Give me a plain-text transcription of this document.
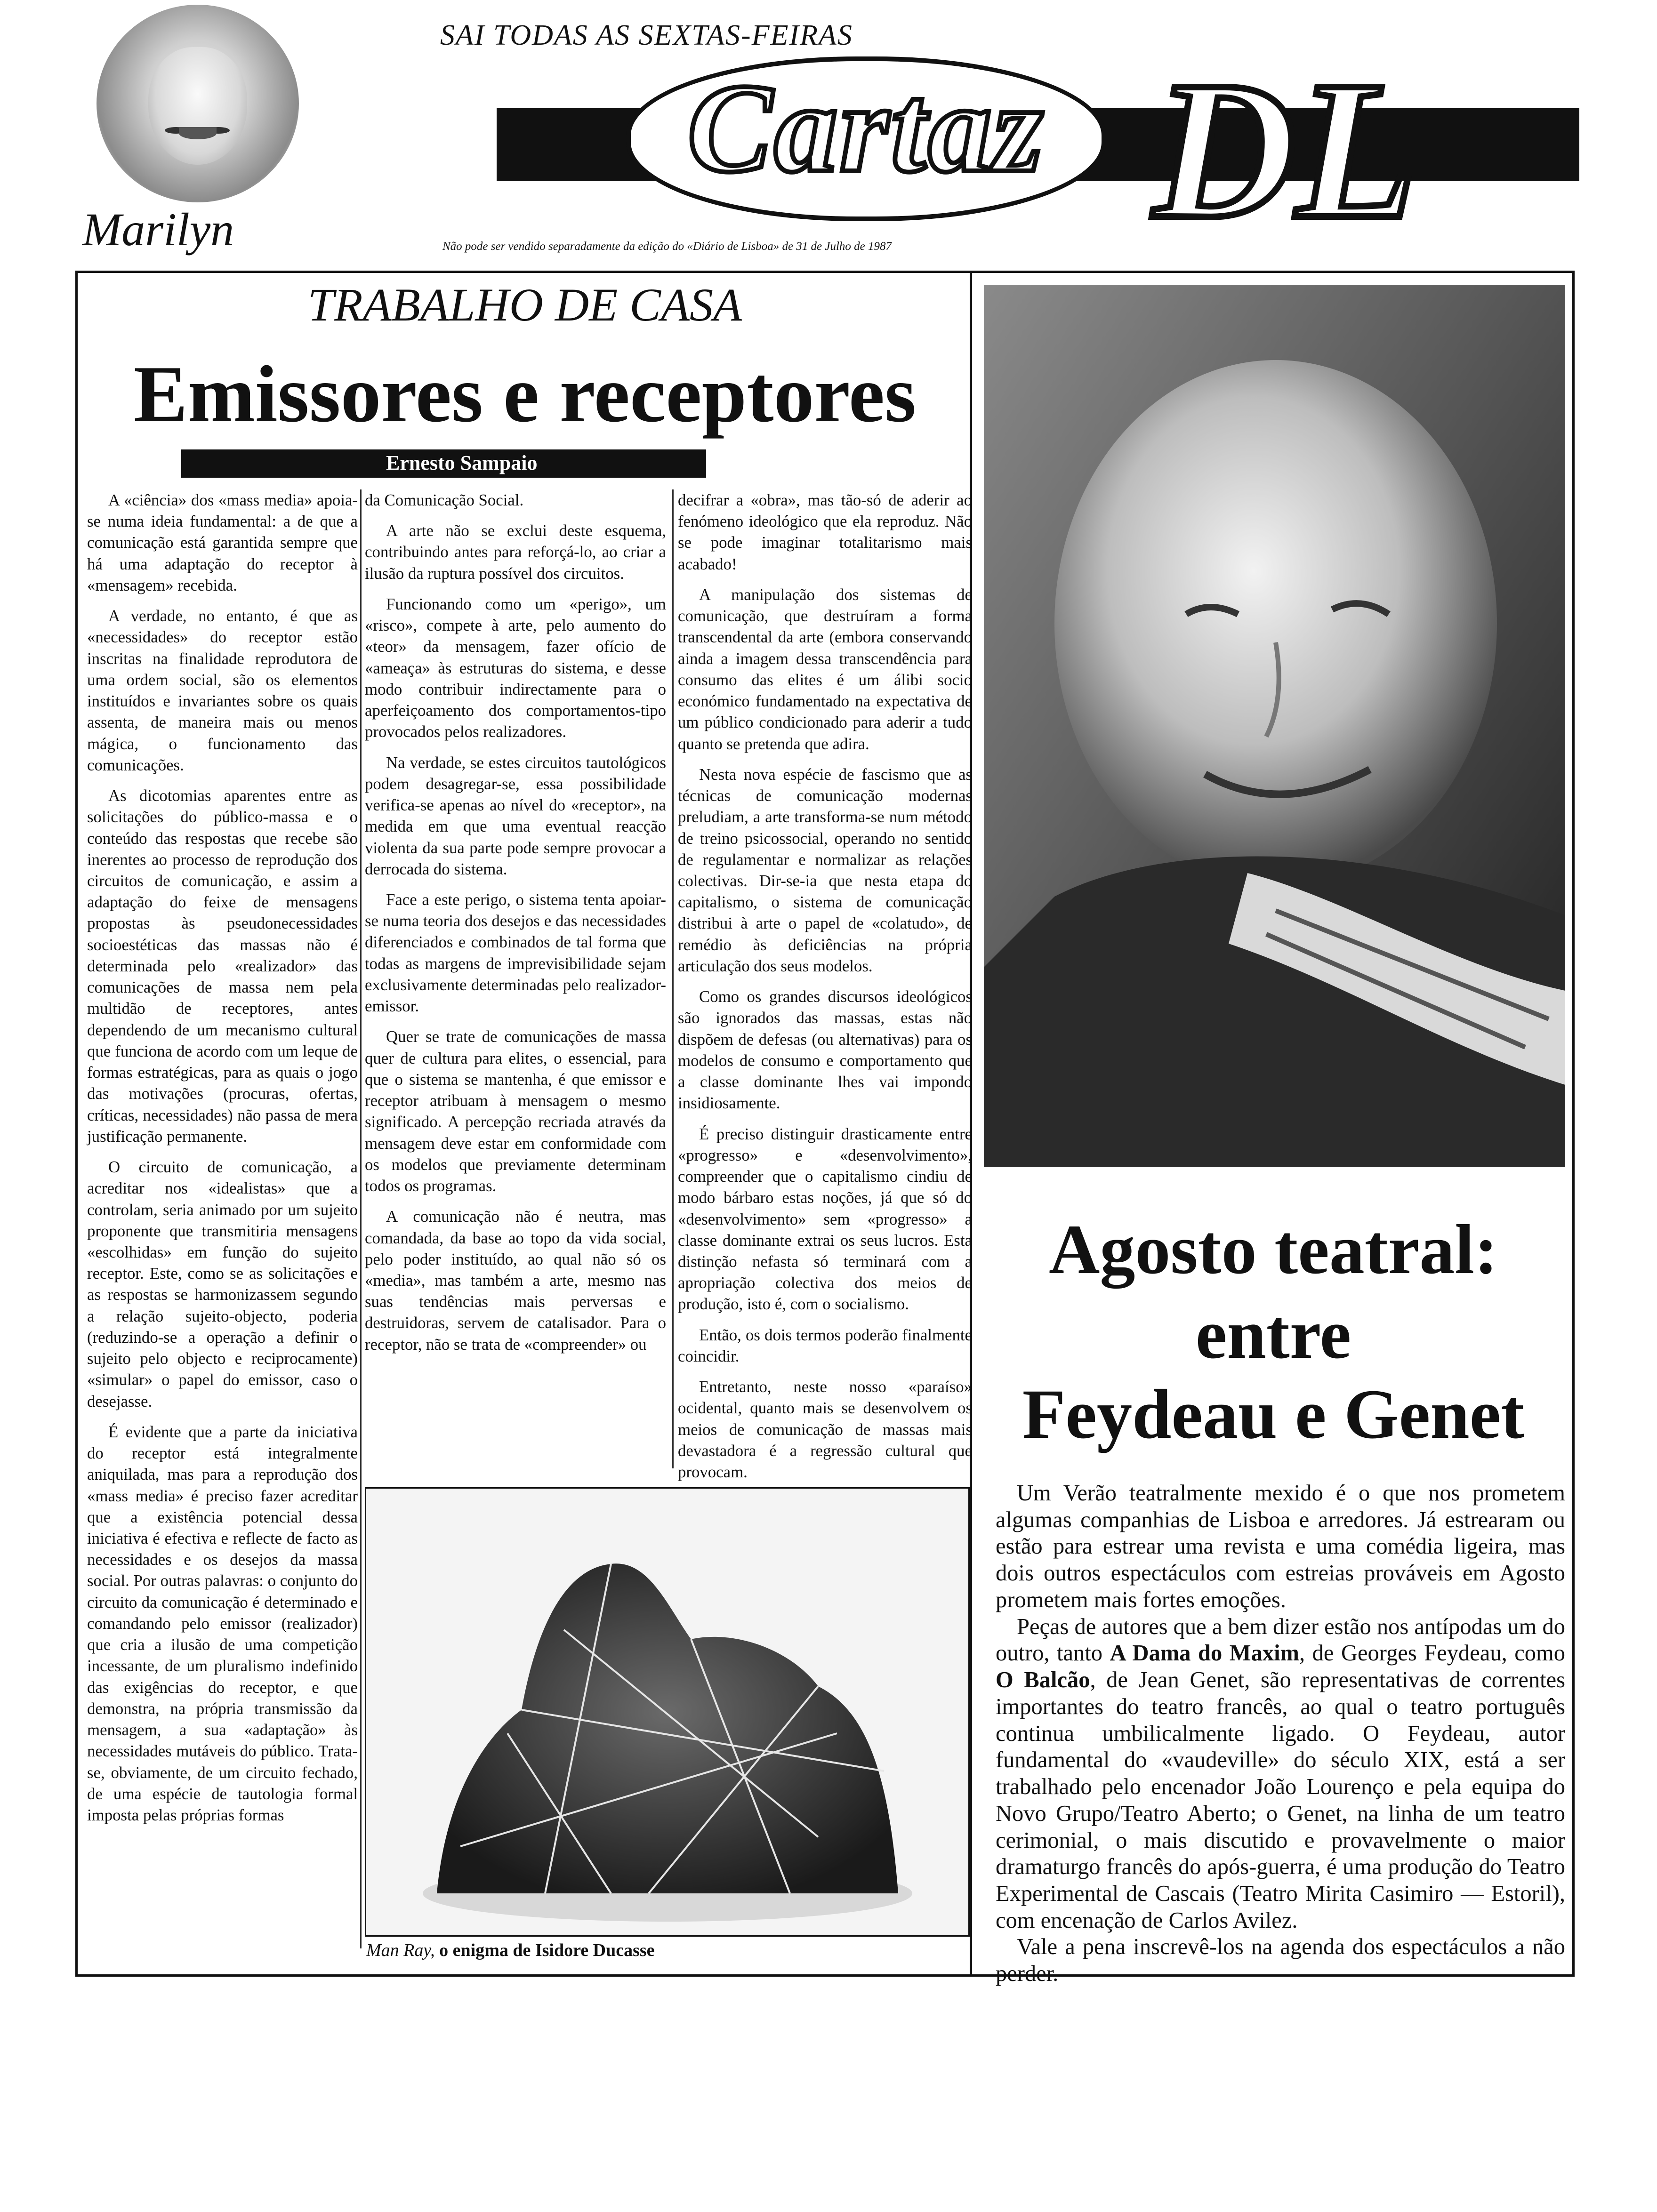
Marilyn
SAI TODAS AS SEXTAS-FEIRAS
Cartaz DL
Não pode ser vendido separadamente da edição do «Diário de Lisboa» de 31 de Julho de 1987
TRABALHO DE CASA
Emissores e receptores
Ernesto Sampaio

A «ciência» dos «mass media» apoia-se numa ideia fundamental: a de que a comunicação está garantida sempre que há uma adaptação do receptor à «mensagem» recebida.

A verdade, no entanto, é que as «necessidades» do receptor estão inscritas na finalidade reprodutora de uma ordem social, são os elementos instituídos e invariantes sobre os quais assenta, de maneira mais ou menos mágica, o funcionamento das comunicações.

As dicotomias aparentes entre as solicitações do público-massa e o conteúdo das respostas que recebe são inerentes ao processo de reprodução dos circuitos de comunicação, e assim a adaptação do feixe de mensagens propostas às pseudonecessidades socioestéticas das massas não é determinada pelo «realizador» das comunicações de massa nem pela multidão de receptores, antes dependendo de um mecanismo cultural que funciona de acordo com um leque de formas estratégicas, para as quais o jogo das motivações (procuras, ofertas, críticas, necessidades) não passa de mera justificação permanente.

O circuito de comunicação, a acreditar nos «idealistas» que a controlam, seria animado por um sujeito proponente que transmitiria mensagens «escolhidas» em função do sujeito receptor. Este, como se as solicitações e as respostas se harmonizassem segundo a relação sujeito-objecto, poderia (reduzindo-se a operação a definir o sujeito pelo objecto e reciprocamente) «simular» o papel do emissor, caso o desejasse.

É evidente que a parte da iniciativa do receptor está integralmente aniquilada, mas para a reprodução dos «mass media» é preciso fazer acreditar que a existência potencial dessa iniciativa é efectiva e reflecte de facto as necessidades e os desejos da massa social. Por outras palavras: o conjunto do circuito da comunicação é determinado e comandando pelo emissor (realizador) que cria a ilusão de uma competição incessante, de um pluralismo indefinido das exigências do receptor, e que demonstra, na própria transmissão da mensagem, a sua «adaptação» às necessidades mutáveis do público. Trata-se, obviamente, de um circuito fechado, de uma espécie de tautologia formal imposta pelas próprias formas

da Comunicação Social.

A arte não se exclui deste esquema, contribuindo antes para reforçá-lo, ao criar a ilusão da ruptura possível dos circuitos.

Funcionando como um «perigo», um «risco», compete à arte, pelo aumento do «teor» da mensagem, fazer ofício de «ameaça» às estruturas do sistema, e desse modo contribuir indirectamente para o aperfeiçoamento dos comportamentos-tipo provocados pelos realizadores.

Na verdade, se estes circuitos tautológicos podem desagregar-se, essa possibilidade verifica-se apenas ao nível do «receptor», na medida em que uma eventual reacção violenta da sua parte pode sempre provocar a derrocada do sistema.

Face a este perigo, o sistema tenta apoiar-se numa teoria dos desejos e das necessidades diferenciados e combinados de tal forma que todas as margens de imprevisibilidade sejam exclusivamente determinadas pelo realizador-emissor.

Quer se trate de comunicações de massa quer de cultura para elites, o essencial, para que o sistema se mantenha, é que emissor e receptor atribuam à mensagem o mesmo significado. A percepção recriada através da mensagem deve estar em conformidade com os modelos que previamente determinam todos os programas.

A comunicação não é neutra, mas comandada, da base ao topo da vida social, pelo poder instituído, ao qual não só os «media», mas também a arte, mesmo nas suas tendências mais perversas e destruidoras, servem de catalisador. Para o receptor, não se trata de «compreender» ou

decifrar a «obra», mas tão-só de aderir ao fenómeno ideológico que ela reproduz. Não se pode imaginar totalitarismo mais acabado!

A manipulação dos sistemas de comunicação, que destruíram a forma transcendental da arte (embora conservando ainda a imagem dessa transcendência para consumo das elites é um álibi socio económico fundamentado na expectativa de um público condicionado para aderir a tudo quanto se pretenda que adira.

Nesta nova espécie de fascismo que as técnicas de comunicação modernas preludiam, a arte transforma-se num método de treino psicossocial, operando no sentido de regulamentar e normalizar as relações colectivas. Dir-se-ia que nesta etapa do capitalismo, o sistema de comunicação distribui à arte o papel de «colatudo», de remédio às deficiências na própria articulação dos seus modelos.

Como os grandes discursos ideológicos são ignorados das massas, estas não dispõem de defesas (ou alternativas) para os modelos de consumo e comportamento que a classe dominante lhes vai impondo insidiosamente.

É preciso distinguir drasticamente entre «progresso» e «desenvolvimento», compreender que o capitalismo cindiu de modo bárbaro estas noções, já que só do «desenvolvimento» sem «progresso» a classe dominante extrai os seus lucros. Esta distinção nefasta só terminará com a apropriação colectiva dos meios de produção, isto é, com o socialismo.

Então, os dois termos poderão finalmente coincidir.

Entretanto, neste nosso «paraíso» ocidental, quanto mais se desenvolvem os meios de comunicação de massas mais devastadora é a regressão cultural que provocam.

Man Ray, o enigma de Isidore Ducasse
Agosto teatral:
entre
Feydeau e Genet

Um Verão teatralmente mexido é o que nos prometem algumas companhias de Lisboa e arredores. Já estrearam ou estão para estrear uma revista e uma comédia ligeira, mas dois outros espectáculos com estreias prováveis em Agosto prometem mais fortes emoções.

Peças de autores que a bem dizer estão nos antípodas um do outro, tanto A Dama do Maxim, de Georges Feydeau, como O Balcão, de Jean Genet, são representativas de correntes importantes do teatro francês, ao qual o teatro português continua umbilicalmente ligado. O Feydeau, autor fundamental do «vaudeville» do século XIX, está a ser trabalhado pelo encenador João Lourenço e pela equipa do Novo Grupo/Teatro Aberto; o Genet, na linha de um teatro cerimonial, o mais discutido e provavelmente o maior dramaturgo francês do após-guerra, é uma produção do Teatro Experimental de Cascais (Teatro Mirita Casimiro — Estoril), com encenação de Carlos Avilez.

Vale a pena inscrevê-los na agenda dos espectáculos a não perder.
